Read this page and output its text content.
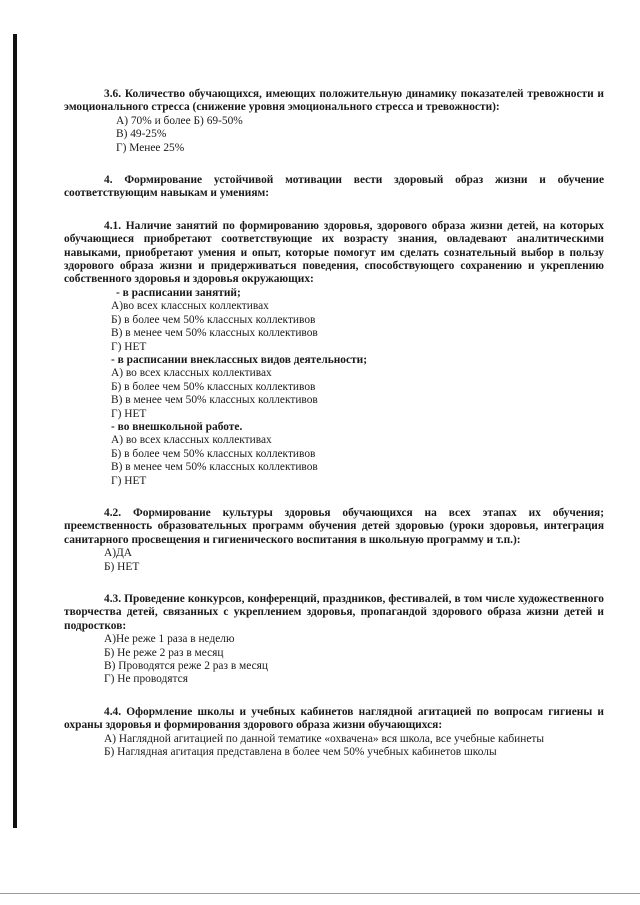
3.6. Количество обучающихся, имеющих положительную динамику показателей тревожности и эмоционального стресса (снижение уровня эмоционального стресса и тревожности):

А) 70% и более Б) 69-50%

В) 49-25%

Г) Менее 25%

4. Формирование устойчивой мотивации вести здоровый образ жизни и обучение соответствующим навыкам и умениям:

4.1. Наличие занятий по формированию здоровья, здорового образа жизни детей, на которых обучающиеся приобретают соответствующие их возрасту знания, овладевают аналитическими навыками, приобретают умения и опыт, которые помогут им сделать сознательный выбор в пользу здорового образа жизни и придерживаться поведения, способствующего сохранению и укреплению собственного здоровья и здоровья окружающих:

- в расписании занятий;

А)во всех классных коллективах

Б) в более чем 50% классных коллективов

В) в менее чем 50% классных коллективов

Г) НЕТ

- в расписании внеклассных видов деятельности;

А) во всех классных коллективах

Б) в более чем 50% классных коллективов

В) в менее чем 50% классных коллективов

Г) НЕТ

- во внешкольной работе.

А) во всех классных коллективах

Б) в более чем 50% классных коллективов

В) в менее чем 50% классных коллективов

Г) НЕТ

4.2. Формирование культуры здоровья обучающихся на всех этапах их обучения; преемственность образовательных программ обучения детей здоровью (уроки здоровья, интеграция санитарного просвещения и гигиенического воспитания в школьную программу и т.п.):

А)ДА

Б) НЕТ

4.3. Проведение конкурсов, конференций, праздников, фестивалей, в том числе художественного творчества детей, связанных с укреплением здоровья, пропагандой здорового образа жизни детей и подростков:

А)Не реже 1 раза в неделю

Б) Не реже 2 раз в месяц

В) Проводятся реже 2 раз в месяц

Г) Не проводятся

4.4. Оформление школы и учебных кабинетов наглядной агитацией по вопросам гигиены и охраны здоровья и формирования здорового образа жизни обучающихся:

А) Наглядной агитацией по данной тематике «охвачена» вся школа, все учебные кабинеты

Б) Наглядная агитация представлена в более чем 50% учебных кабинетов школы
